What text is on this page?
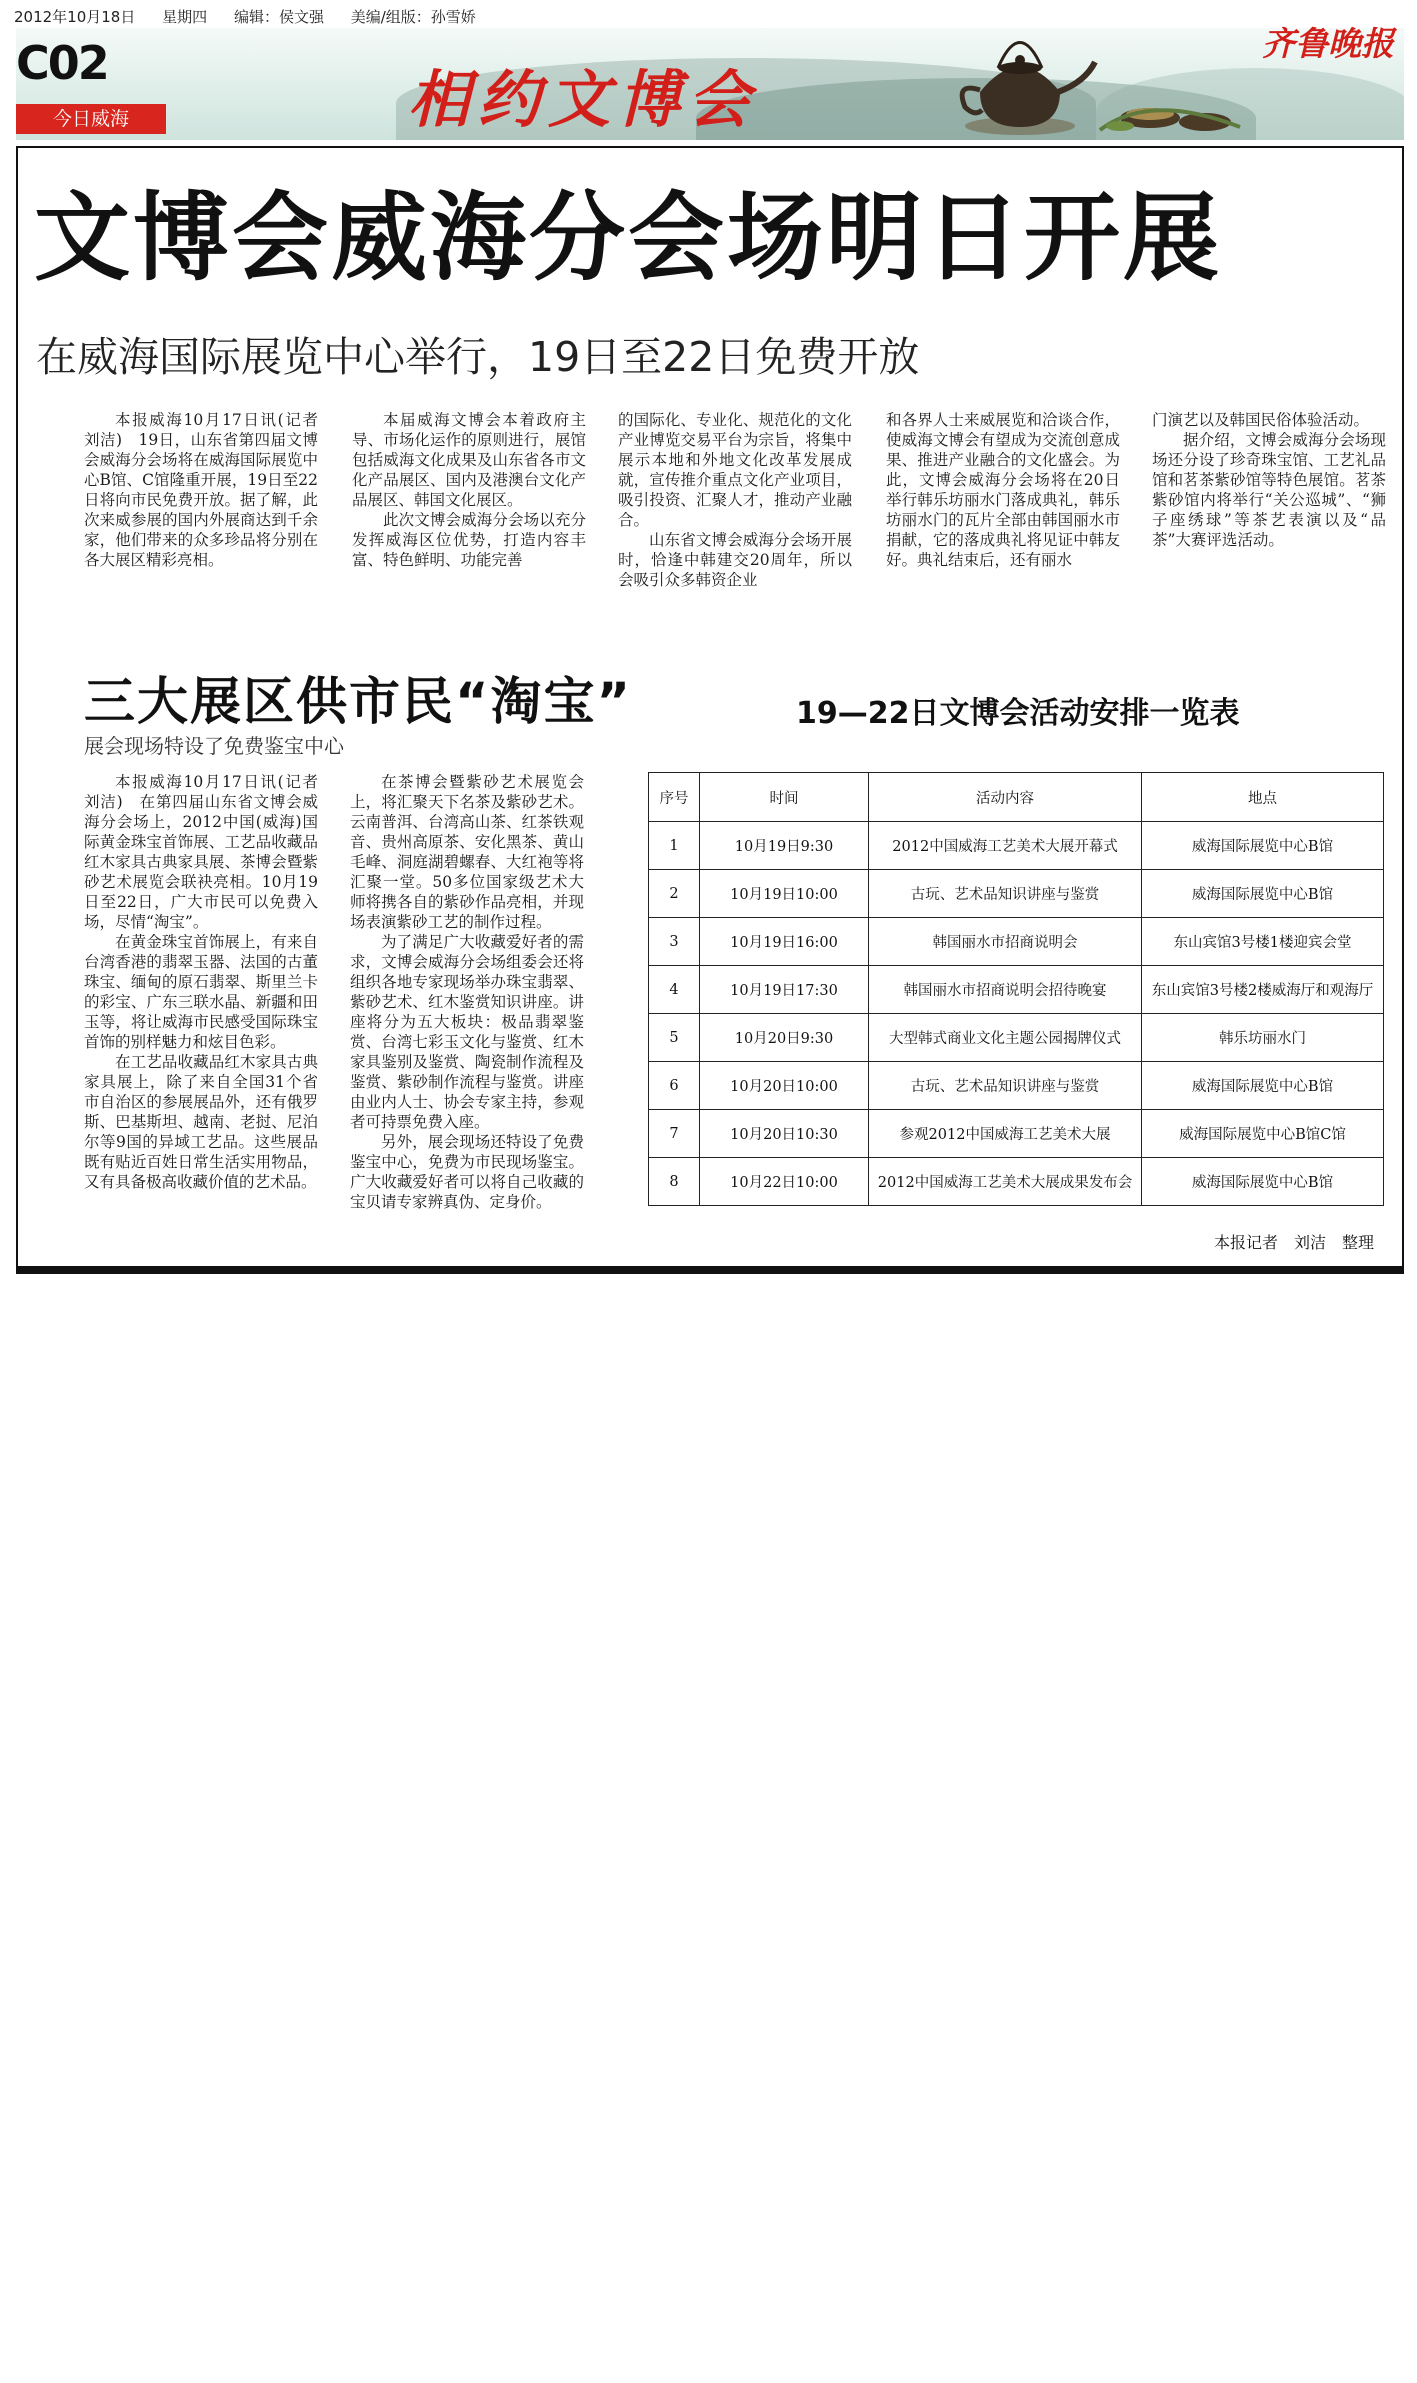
2012年10月18日 星期四 编辑：侯文强 美编/组版：孙雪娇
C02
今日威海	相约文博会
齐鲁晚报
文博会威海分会场明日开展
在威海国际展览中心举行，19日至22日免费开放

本报威海10月17日讯(记者　刘洁)　19日，山东省第四届文博会威海分会场将在威海国际展览中心B馆、C馆隆重开展，19日至22日将向市民免费开放。据了解，此次来威参展的国内外展商达到千余家，他们带来的众多珍品将分别在各大展区精彩亮相。

本届威海文博会本着政府主导、市场化运作的原则进行，展馆包括威海文化成果及山东省各市文化产品展区、国内及港澳台文化产品展区、韩国文化展区。

此次文博会威海分会场以充分发挥威海区位优势，打造内容丰富、特色鲜明、功能完善

的国际化、专业化、规范化的文化产业博览交易平台为宗旨，将集中展示本地和外地文化改革发展成就，宣传推介重点文化产业项目，吸引投资、汇聚人才，推动产业融合。

山东省文博会威海分会场开展时，恰逢中韩建交20周年，所以会吸引众多韩资企业

和各界人士来威展览和洽谈合作，使威海文博会有望成为交流创意成果、推进产业融合的文化盛会。为此，文博会威海分会场将在20日举行韩乐坊丽水门落成典礼，韩乐坊丽水门的瓦片全部由韩国丽水市捐献，它的落成典礼将见证中韩友好。典礼结束后，还有丽水

门演艺以及韩国民俗体验活动。

据介绍，文博会威海分会场现场还分设了珍奇珠宝馆、工艺礼品馆和茗茶紫砂馆等特色展馆。茗茶紫砂馆内将举行“关公巡城”、“狮子座绣球”等茶艺表演以及“品茶”大赛评选活动。

三大展区供市民“淘宝”
展会现场特设了免费鉴宝中心

本报威海10月17日讯(记者　刘洁)　在第四届山东省文博会威海分会场上，2012中国(威海)国际黄金珠宝首饰展、工艺品收藏品红木家具古典家具展、茶博会暨紫砂艺术展览会联袂亮相。10月19日至22日，广大市民可以免费入场，尽情“淘宝”。

在黄金珠宝首饰展上，有来自台湾香港的翡翠玉器、法国的古董珠宝、缅甸的原石翡翠、斯里兰卡的彩宝、广东三联水晶、新疆和田玉等，将让威海市民感受国际珠宝首饰的别样魅力和炫目色彩。

在工艺品收藏品红木家具古典家具展上，除了来自全国31个省市自治区的参展展品外，还有俄罗斯、巴基斯坦、越南、老挝、尼泊尔等9国的异域工艺品。这些展品既有贴近百姓日常生活实用物品，又有具备极高收藏价值的艺术品。

在茶博会暨紫砂艺术展览会上，将汇聚天下名茶及紫砂艺术。云南普洱、台湾高山茶、红茶铁观音、贵州高原茶、安化黑茶、黄山毛峰、洞庭湖碧螺春、大红袍等将汇聚一堂。50多位国家级艺术大师将携各自的紫砂作品亮相，并现场表演紫砂工艺的制作过程。

为了满足广大收藏爱好者的需求，文博会威海分会场组委会还将组织各地专家现场举办珠宝翡翠、紫砂艺术、红木鉴赏知识讲座。讲座将分为五大板块：极品翡翠鉴赏、台湾七彩玉文化与鉴赏、红木家具鉴别及鉴赏、陶瓷制作流程及鉴赏、紫砂制作流程与鉴赏。讲座由业内人士、协会专家主持，参观者可持票免费入座。

另外，展会现场还特设了免费鉴宝中心，免费为市民现场鉴宝。广大收藏爱好者可以将自己收藏的宝贝请专家辨真伪、定身价。

19—22日文博会活动安排一览表
序号	时间	活动内容	地点
1	10月19日9:30	2012中国威海工艺美术大展开幕式	威海国际展览中心B馆
2	10月19日10:00	古玩、艺术品知识讲座与鉴赏	威海国际展览中心B馆
3	10月19日16:00	韩国丽水市招商说明会	东山宾馆3号楼1楼迎宾会堂
4	10月19日17:30	韩国丽水市招商说明会招待晚宴	东山宾馆3号楼2楼威海厅和观海厅
5	10月20日9:30	大型韩式商业文化主题公园揭牌仪式	韩乐坊丽水门
6	10月20日10:00	古玩、艺术品知识讲座与鉴赏	威海国际展览中心B馆
7	10月20日10:30	参观2012中国威海工艺美术大展	威海国际展览中心B馆C馆
8	10月22日10:00	2012中国威海工艺美术大展成果发布会	威海国际展览中心B馆
本报记者　刘洁　整理
